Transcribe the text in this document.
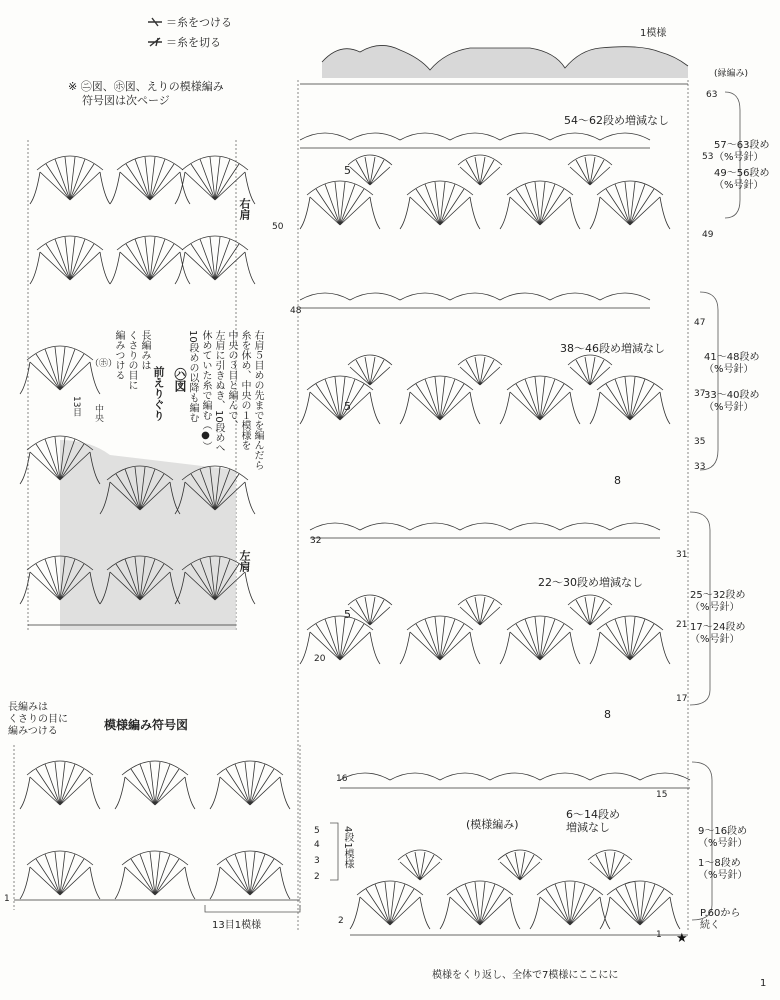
★
＝糸をつける
＝糸を切る
※ ㋥図、㋭図、えりの模様編み
符号図は次ページ
1模様
(縁編み)
63
54～62段め増減なし
38～46段め増減なし
22～30段め増減なし
6～14段め
増減なし
(模様編み)
模様をくり返し、全体で7模様にここにに
57～63段め
（%号針）
49～56段め
（%号針）
41～48段め
（%号針）
33～40段め
（%号針）
25～32段め
（%号針）
17～24段め
（%号針）
9～16段め
（%号針）
1～8段め
（%号針）
53
49
50
48
47
37
35
33
32
31
21
20
17
16
15
2
1
5
5
5
8
8
P.60から
続く
右肩
左肩
中央
13目
（㋭）
㋩図
前えりぐり
長編みは
くさりの目に
編みつける	右肩５目めの先までを編んだら
糸を休め、中央の１模様を
中央の３目と編んで、
左肩に引きぬき、10段めへ
休めていた糸で編む（●）
10段めの以降も編む
模様編み符号図
長編みは
くさりの目に
編みつける
13目1模様
4段1模様
5
4
3
2
1
1
